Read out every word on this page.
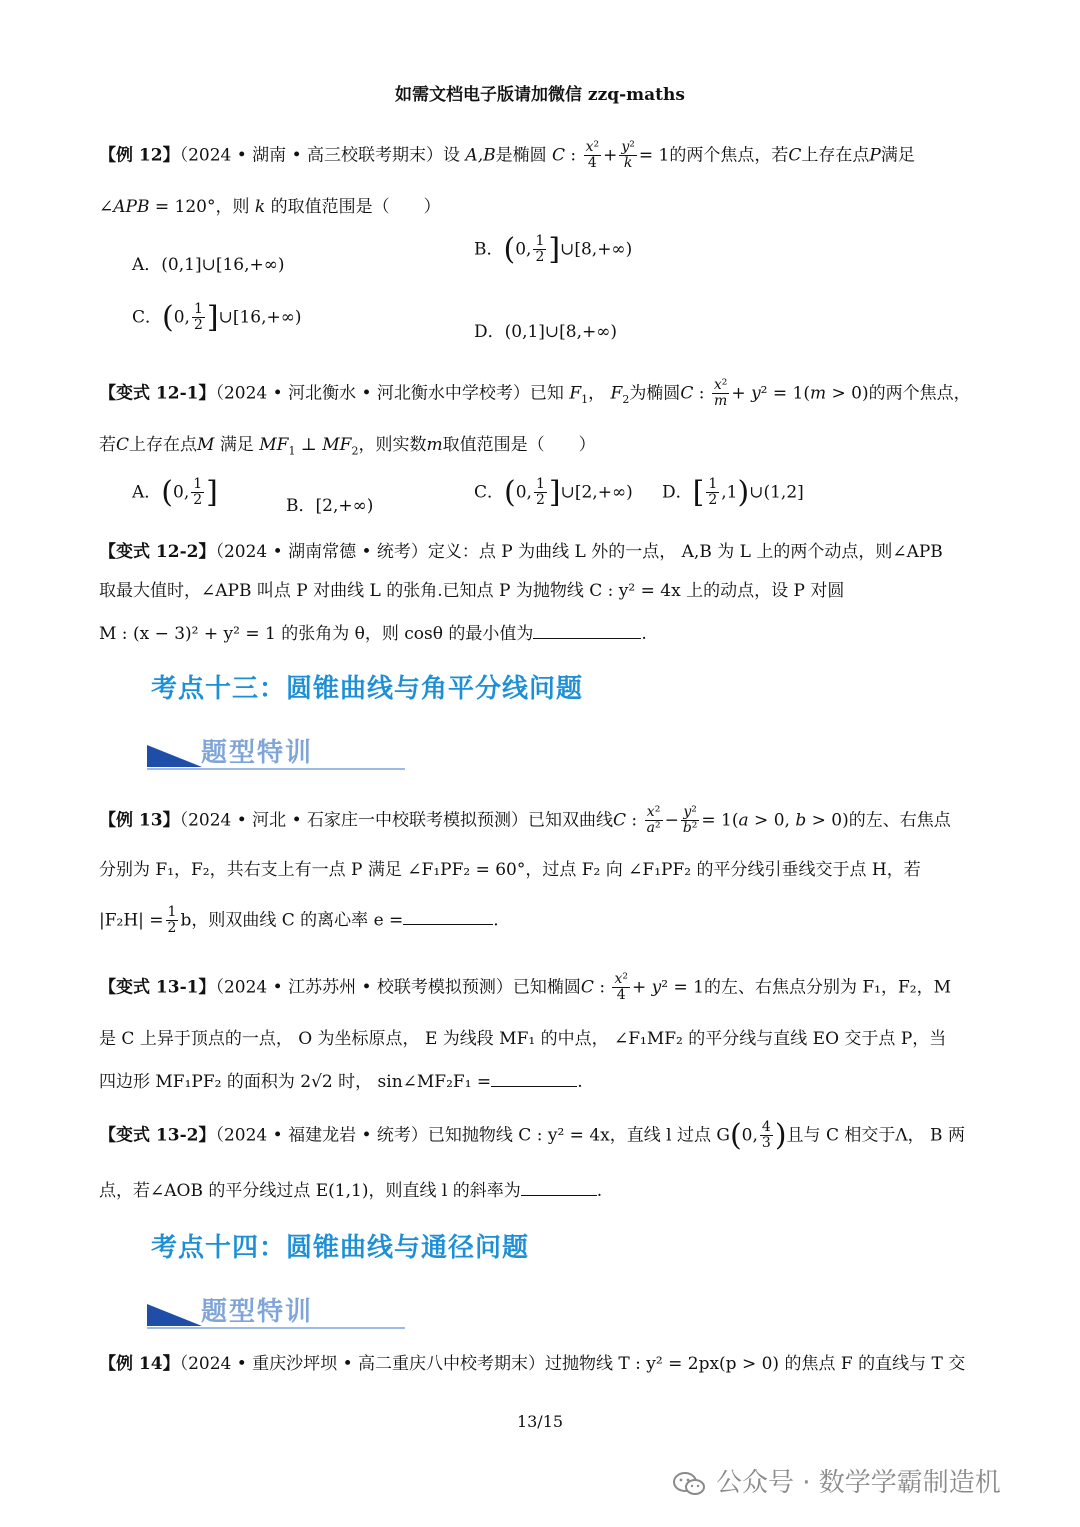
如需文档电子版请加微信 zzq-maths
【例 12】（2024 • 湖南 • 高三校联考期末）设 A,B是椭圆 C : $\frac{\text{x²}}{4} + \frac{\text{y²}}{k} = 1$的两个焦点，若C上存在点P满足
∠APB = 120°，则 k 的取值范围是（　　）
A．(0,1]∪[16,+∞)
B．(0, $\frac{1}{2}$ ]∪[8,+∞)
C．(0, $\frac{1}{2}$ ]∪[16,+∞)
D．(0,1]∪[8,+∞)
【变式 12-1】（2024 • 河北衡水 • 河北衡水中学校考）已知 $F_1$， $F_2$为椭圆C : $\frac{\text{x²}}{m} + y^2 = 1(m > 0)$的两个焦点，
若C上存在点M 满足 $MF_1$ ⊥ $MF_2$，则实数m取值范围是（　　）
A．(0, $\frac{1}{2}$ ]	B．[2,+∞)
C．(0, $\frac{1}{2}$ ]∪[2,+∞) D．[ $\frac{1}{2}$ ,1)∪(1,2]
【变式 12-2】（2024 • 湖南常德 • 统考）定义：点 P 为曲线 L 外的一点， A,B 为 L 上的两个动点，则∠APB
取最大值时，∠APB 叫点 P 对曲线 L 的张角.已知点 P 为抛物线 C : y² = 4x 上的动点，设 P 对圆
M : (x − 3)² + y² = 1 的张角为 θ，则 cosθ 的最小值为	.
考点十三：圆锥曲线与角平分线问题
题型特训
【例 13】（2024 • 河北 • 石家庄一中校联考模拟预测）已知双曲线C : $\frac{\text{x²}}{\text{a²}} - \frac{\text{y²}}{\text{b²}} = 1(a > 0$, b > 0)的左、右焦点
分别为 F₁，F₂，共右支上有一点 P 满足 ∠F₁PF₂ = 60°，过点 F₂ 向 ∠F₁PF₂ 的平分线引垂线交于点 H，若
$|F_2H| = \frac{1}{2}$ b，则双曲线 C 的离心率 e =	.
【变式 13-1】（2024 • 江苏苏州 • 校联考模拟预测）已知椭圆C : $\frac{\text{x²}}{4} + y^2 = 1$的左、右焦点分别为 F₁，F₂，M
是 C 上异于顶点的一点， O 为坐标原点， E 为线段 MF₁ 的中点， ∠F₁MF₂ 的平分线与直线 EO 交于点 P，当
四边形 MF₁PF₂ 的面积为 2√2 时， sin∠MF₂F₁ =	.
【变式 13-2】（2024 • 福建龙岩 • 统考）已知抛物线 C : y² = 4x，直线 l 过点 G(0, $\frac{4}{3}$ )且与 C 相交于Λ， B 两
点，若∠AOB 的平分线过点 E(1,1)，则直线 l 的斜率为	.
考点十四：圆锥曲线与通径问题
题型特训
【例 14】（2024 • 重庆沙坪坝 • 高二重庆八中校考期末）过抛物线 T : y² = 2px(p > 0) 的焦点 F 的直线与 T 交
13/15
公众号 · 数学学霸制造机
